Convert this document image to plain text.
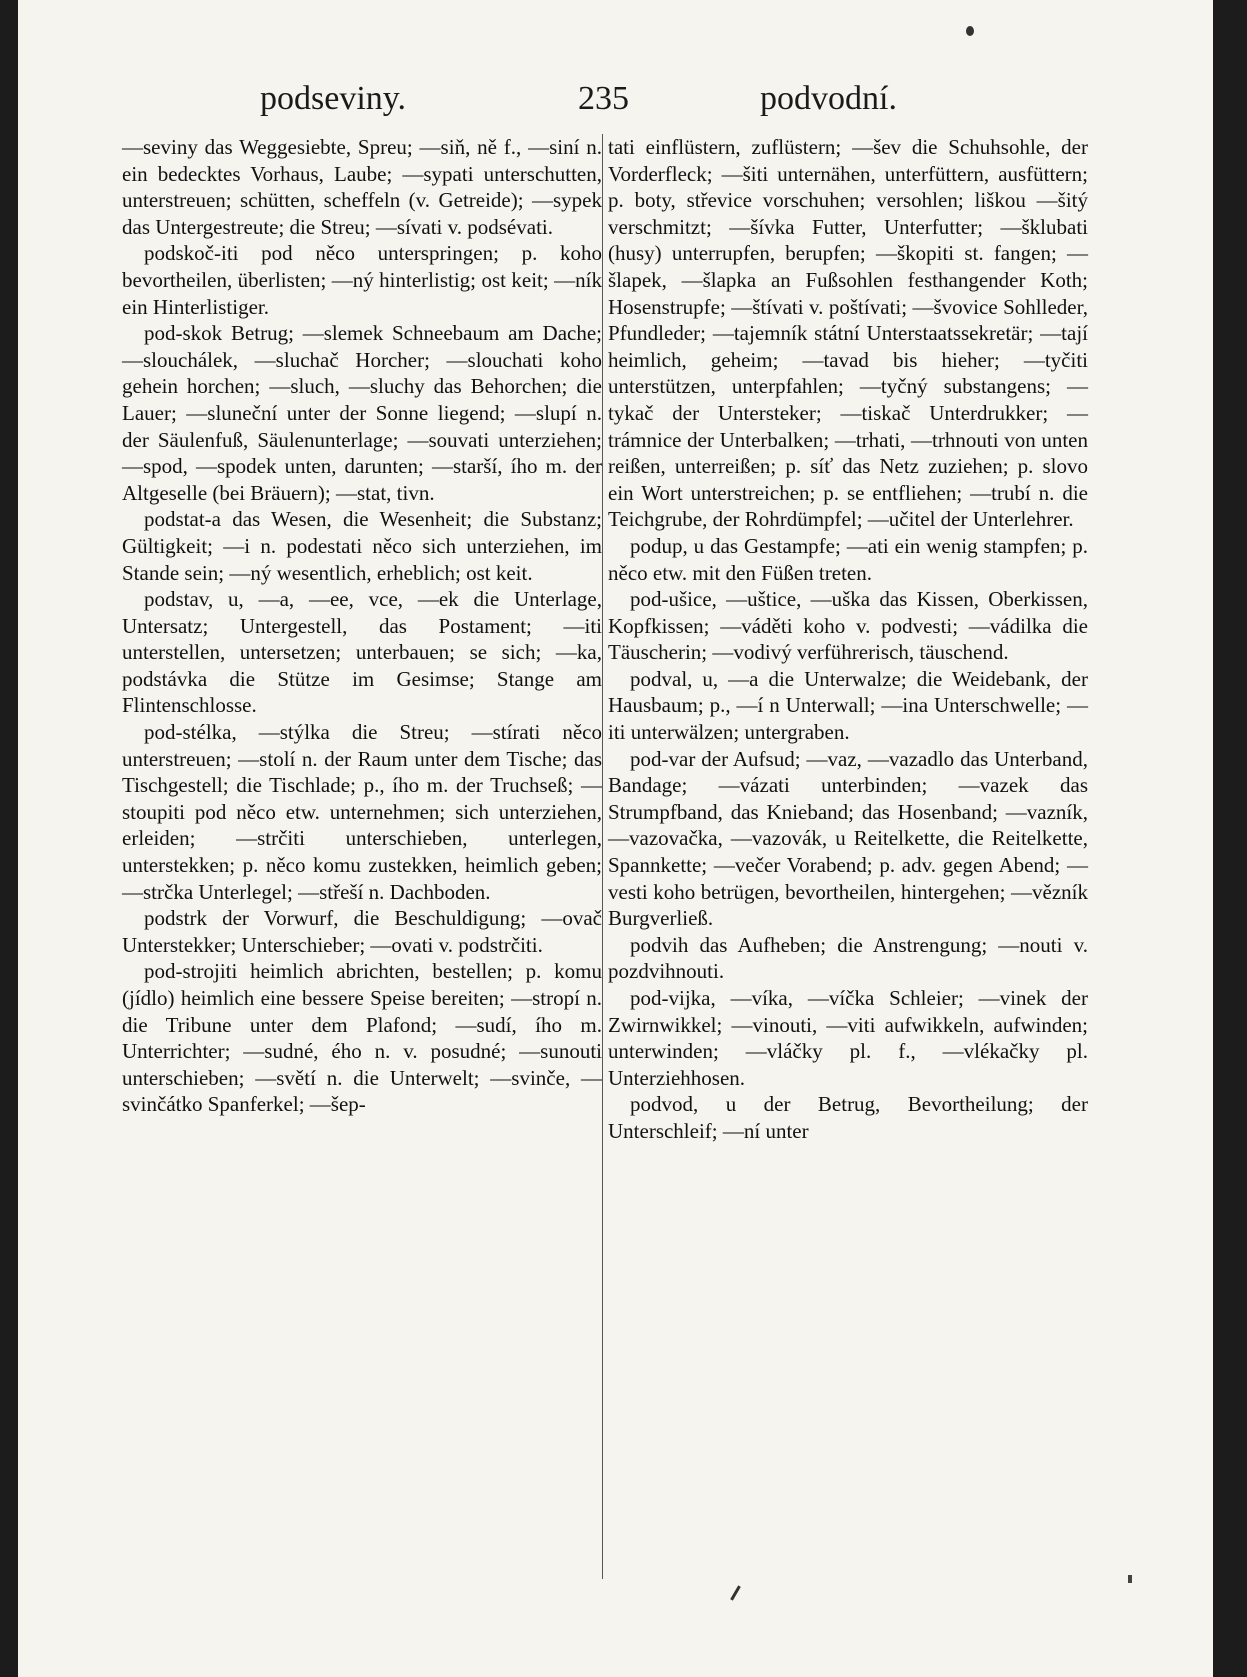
podseviny.	235	podvodní.

—seviny das Weggesiebte, Spreu; —siň, ně f., —siní n. ein bedecktes Vorhaus, Laube; —sypati unterschutten, unterstreuen; schütten, scheffeln (v. Getreide); —sypek das Untergestreute; die Streu; —sívati v. podsévati.

podskoč-iti pod něco unterspringen; p. koho bevortheilen, überlisten; —ný hinterlistig; ost keit; —ník ein Hinterlistiger.

pod-skok Betrug; —slemek Schneebaum am Dache; —slouchálek, —sluchač Horcher; —slouchati koho gehein horchen; —sluch, —sluchy das Behorchen; die Lauer; —sluneční unter der Sonne liegend; —slupí n. der Säulenfuß, Säulenunterlage; —souvati unterziehen; —spod, —spodek unten, darunten; —starší, ího m. der Altgeselle (bei Bräuern); —stat, tivn.

podstat-a das Wesen, die Wesenheit; die Substanz; Gültigkeit; —i n. podestati něco sich unterziehen, im Stande sein; —ný wesentlich, erheblich; ost keit.

podstav, u, —a, —ee, vce, —ek die Unterlage, Untersatz; Untergestell, das Postament; —iti unterstellen, untersetzen; unterbauen; se sich; —ka, podstávka die Stütze im Gesimse; Stange am Flintenschlosse.

pod-stélka, —stýlka die Streu; —stírati něco unterstreuen; —stolí n. der Raum unter dem Tische; das Tischgestell; die Tischlade; p., ího m. der Truchseß; —stoupiti pod něco etw. unternehmen; sich unterziehen, erleiden; —strčiti unterschieben, unterlegen, unterstekken; p. něco komu zustekken, heimlich geben; —strčka Unterlegel; —střeší n. Dachboden.

podstrk der Vorwurf, die Beschuldigung; —ovač Unterstekker; Unterschieber; —ovati v. podstrčiti.

pod-strojiti heimlich abrichten, bestellen; p. komu (jídlo) heimlich eine bessere Speise bereiten; —stropí n. die Tribune unter dem Plafond; —sudí, ího m. Unterrichter; —sudné, ého n. v. posudné; —sunouti unterschieben; —světí n. die Unterwelt; —svinče, —svinčátko Spanferkel; —šep-

tati einflüstern, zuflüstern; —šev die Schuhsohle, der Vorderfleck; —šiti unternähen, unterfüttern, ausfüttern; p. boty, střevice vorschuhen; versohlen; liškou —šitý verschmitzt; —šívka Futter, Unterfutter; —šklubati (husy) unterrupfen, berupfen; —škopiti st. fangen; —šlapek, —šlapka an Fußsohlen festhangender Koth; Hosenstrupfe; —štívati v. poštívati; —švovice Sohlleder, Pfundleder; —tajemník státní Unterstaatssekretär; —tají heimlich, geheim; —tavad bis hieher; —tyčiti unterstützen, unterpfahlen; —tyčný substangens; —tykač der Untersteker; —tiskač Unterdrukker; —trámnice der Unterbalken; —trhati, —trhnouti von unten reißen, unterreißen; p. síť das Netz zuziehen; p. slovo ein Wort unterstreichen; p. se entfliehen; —trubí n. die Teichgrube, der Rohrdümpfel; —učitel der Unterlehrer.

podup, u das Gestampfe; —ati ein wenig stampfen; p. něco etw. mit den Füßen treten.

pod-ušice, —uštice, —uška das Kissen, Oberkissen, Kopfkissen; —váděti koho v. podvesti; —vádilka die Täuscherin; —vodivý verführerisch, täuschend.

podval, u, —a die Unterwalze; die Weidebank, der Hausbaum; p., —í n Unterwall; —ina Unterschwelle; —iti unterwälzen; untergraben.

pod-var der Aufsud; —vaz, —vazadlo das Unterband, Bandage; —vázati unterbinden; —vazek das Strumpfband, das Knieband; das Hosenband; —vazník, —vazovačka, —vazovák, u Reitelkette, die Reitelkette, Spannkette; —večer Vorabend; p. adv. gegen Abend; —vesti koho betrügen, bevortheilen, hintergehen; —vězník Burgverließ.

podvih das Aufheben; die Anstrengung; —nouti v. pozdvihnouti.

pod-vijka, —víka, —víčka Schleier; —vinek der Zwirnwikkel; —vinouti, —viti aufwikkeln, aufwinden; unterwinden; —vláčky pl. f., —vlékačky pl. Unterziehhosen.

podvod, u der Betrug, Bevortheilung; der Unterschleif; —ní unter
